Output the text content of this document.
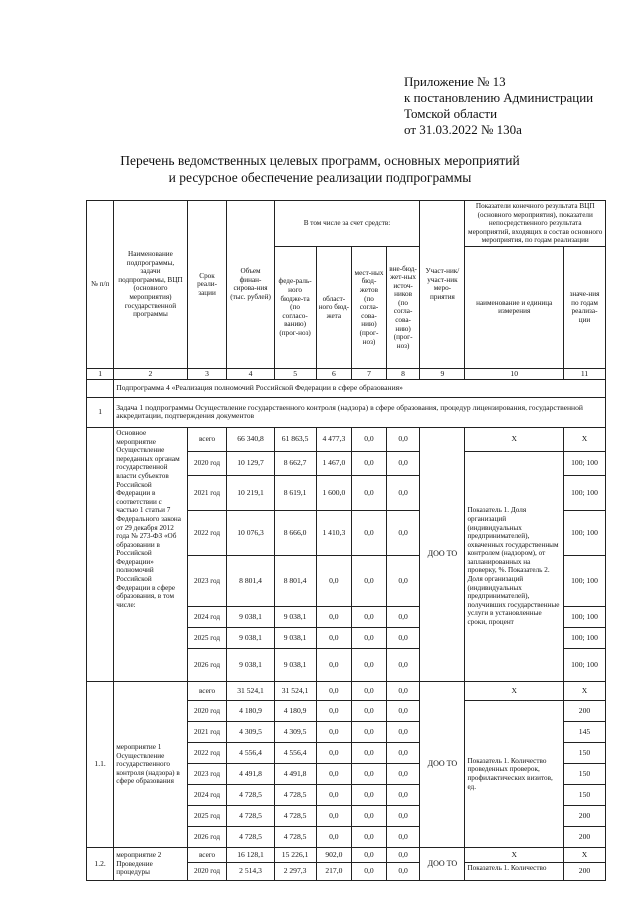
Приложение № 13
к постановлению Администрации
Томской области
от 31.03.2022 № 130а
Перечень ведомственных целевых программ, основных мероприятий
и ресурсное обеспечение реализации подпрограммы
№ п/п	Наименование подпрограммы, задачи подпрограммы, ВЦП (основного мероприятия) государственной программы	Срок реали-зации	Объем финан-сирова-ния (тыс. рублей)	В том числе за счет средств:				Участ-ник/ участ-ник меро-приятия	Показатели конечного результата ВЦП (основного мероприятия), показатели непосредственного результата мероприятий, входящих в состав основного мероприятия, по годам реализации	
				феде-раль-ного бюдже-та (по согласо-ванию) (прог-ноз)	област-ного бюд-жета	мест-ных бюд-жетов (по согла-сова-нию) (прог-ноз)	вне-бюд-жет-ных источ-ников (по согла-сова-нию) (прог-ноз)		наименование и единица измерения	значе-ния по годам реализа-ции
1	2	3	4	5	6	7	8	9	10	11
	Подпрограмма 4 «Реализация полномочий Российской Федерации в сфере образования»									
1	Задача 1 подпрограммы Осуществление государственного контроля (надзора) в сфере образования, процедур лицензирования, государственной аккредитации, подтверждения документов									
	Основное мероприятие Осуществление переданных органам государственной власти субъектов Российской Федерации в соответствии с частью 1 статьи 7 Федерального закона от 29 декабря 2012 года № 273-ФЗ «Об образовании в Российской Федерации» полномочий Российской Федерации в сфере образования, в том числе:	всего	66 340,8	61 863,5	4 477,3	0,0	0,0	ДОО ТО	Х	Х
		2020 год	10 129,7	8 662,7	1 467,0	0,0	0,0		Показатель 1. Доля организаций (индивидуальных предпринимателей), охваченных государственным контролем (надзором), от запланированных на проверку, %. Показатель 2. Доля организаций (индивидуальных предпринимателей), получивших государственные услуги в установленные сроки, процент	100; 100
		2021 год	10 219,1	8 619,1	1 600,0	0,0	0,0			100; 100
		2022 год	10 076,3	8 666,0	1 410,3	0,0	0,0			100; 100
		2023 год	8 801,4	8 801,4	0,0	0,0	0,0			100; 100
		2024 год	9 038,1	9 038,1	0,0	0,0	0,0			100; 100
		2025 год	9 038,1	9 038,1	0,0	0,0	0,0			100; 100
		2026 год	9 038,1	9 038,1	0,0	0,0	0,0			100; 100
1.1.	мероприятие 1 Осуществление государственного контроля (надзора) в сфере образования	всего	31 524,1	31 524,1	0,0	0,0	0,0	ДОО ТО	Х	Х
		2020 год	4 180,9	4 180,9	0,0	0,0	0,0		Показатель 1. Количество проведенных проверок, профилактических визитов, ед.	200
		2021 год	4 309,5	4 309,5	0,0	0,0	0,0			145
		2022 год	4 556,4	4 556,4	0,0	0,0	0,0			150
		2023 год	4 491,8	4 491,8	0,0	0,0	0,0			150
		2024 год	4 728,5	4 728,5	0,0	0,0	0,0			150
		2025 год	4 728,5	4 728,5	0,0	0,0	0,0			200
		2026 год	4 728,5	4 728,5	0,0	0,0	0,0			200
1.2.	мероприятие 2 Проведение процедуры	всего	16 128,1	15 226,1	902,0	0,0	0,0	ДОО ТО	Х	Х
		2020 год	2 514,3	2 297,3	217,0	0,0	0,0		Показатель 1. Количество	200
